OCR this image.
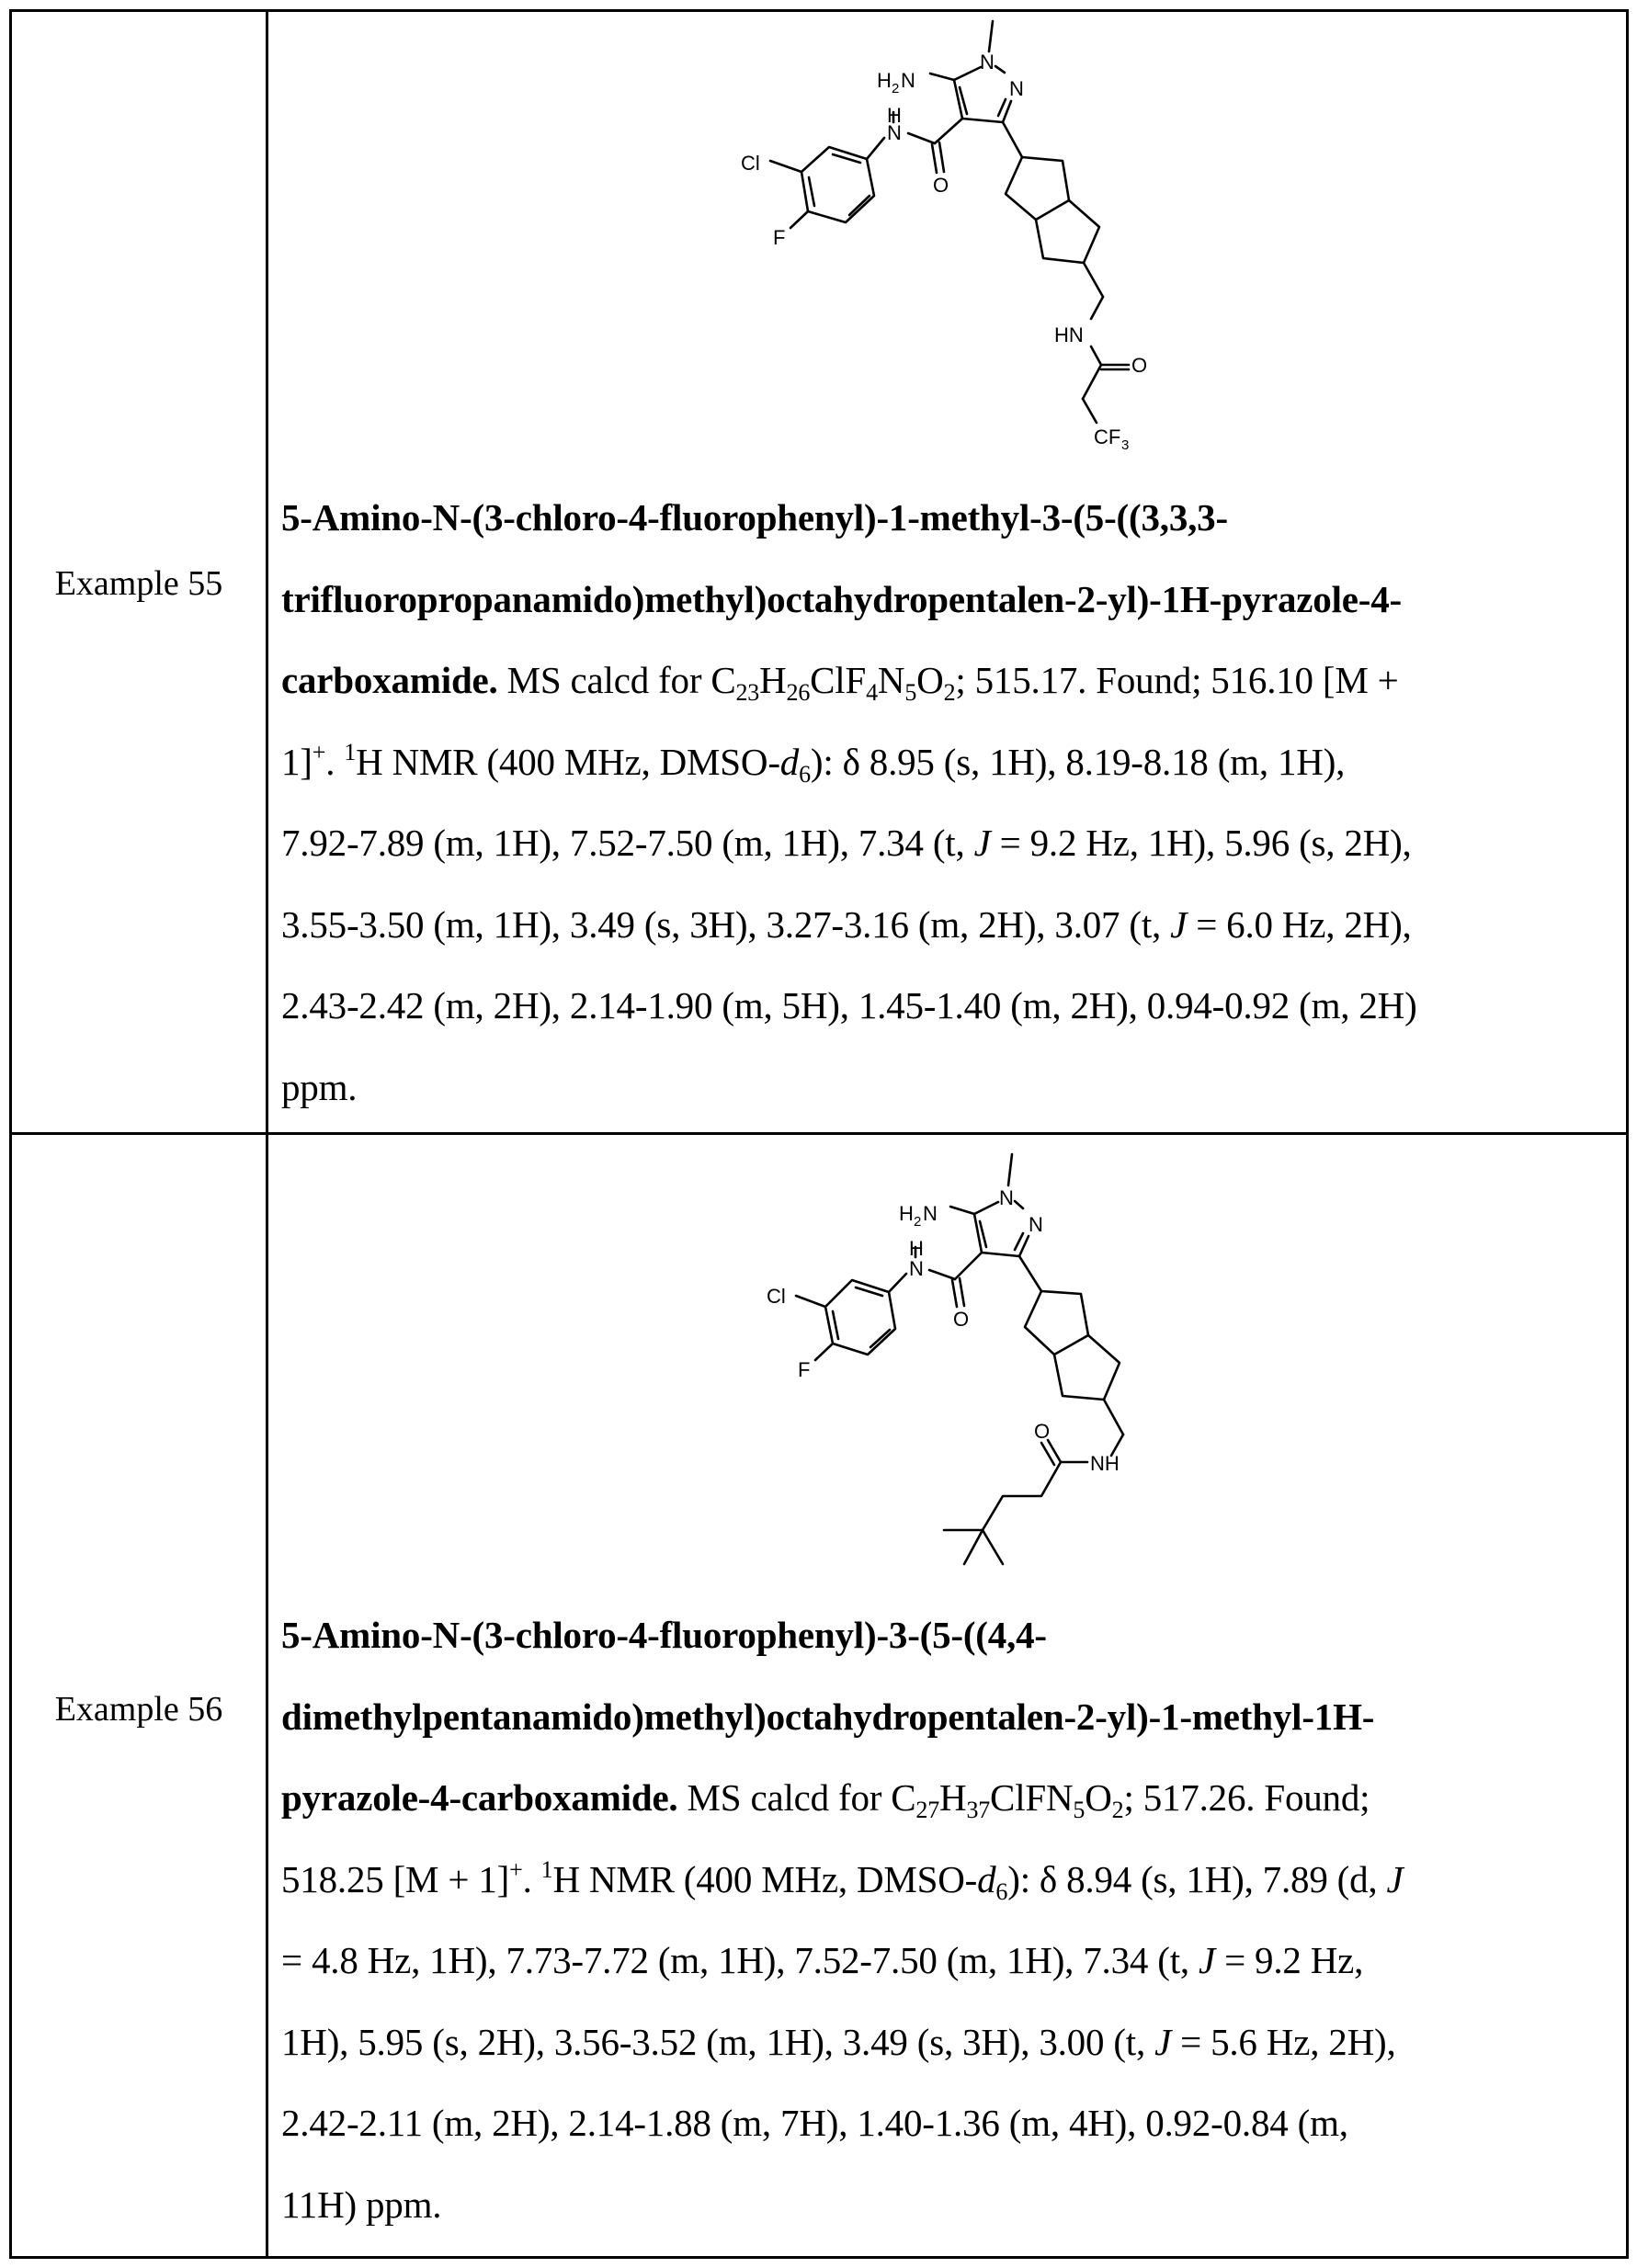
Example 55
H 2 N
N
N
H
N
O
Cl
F
HN
O
CF 3
5-Amino-N-(3-chloro-4-fluorophenyl)-1-methyl-3-(5-((3,3,3-
trifluoropropanamido)methyl)octahydropentalen-2-yl)-1H-pyrazole-4-
carboxamide. MS calcd for $C_{23}H_{26}ClF_4N_5O_2$; 515.17. Found; 516.10 [M +
1]+. $^1$H NMR (400 MHz, DMSO-$d_6$): δ 8.95 (s, 1H), 8.19-8.18 (m, 1H),
7.92-7.89 (m, 1H), 7.52-7.50 (m, 1H), 7.34 (t, J = 9.2 Hz, 1H), 5.96 (s, 2H),
3.55-3.50 (m, 1H), 3.49 (s, 3H), 3.27-3.16 (m, 2H), 3.07 (t, J = 6.0 Hz, 2H),
2.43-2.42 (m, 2H), 2.14-1.90 (m, 5H), 1.45-1.40 (m, 2H), 0.94-0.92 (m, 2H)
ppm.
Example 56
H 2 N
N
N
H
N
O
Cl
F
NH
O
5-Amino-N-(3-chloro-4-fluorophenyl)-3-(5-((4,4-
dimethylpentanamido)methyl)octahydropentalen-2-yl)-1-methyl-1H-
pyrazole-4-carboxamide. MS calcd for $C_{27}H_{37}ClFN_5O_2$; 517.26. Found;
518.25 [M + 1]+. $^1$H NMR (400 MHz, DMSO-$d_6$): δ 8.94 (s, 1H), 7.89 (d, J
= 4.8 Hz, 1H), 7.73-7.72 (m, 1H), 7.52-7.50 (m, 1H), 7.34 (t, J = 9.2 Hz,
1H), 5.95 (s, 2H), 3.56-3.52 (m, 1H), 3.49 (s, 3H), 3.00 (t, J = 5.6 Hz, 2H),
2.42-2.11 (m, 2H), 2.14-1.88 (m, 7H), 1.40-1.36 (m, 4H), 0.92-0.84 (m,
11H) ppm.
